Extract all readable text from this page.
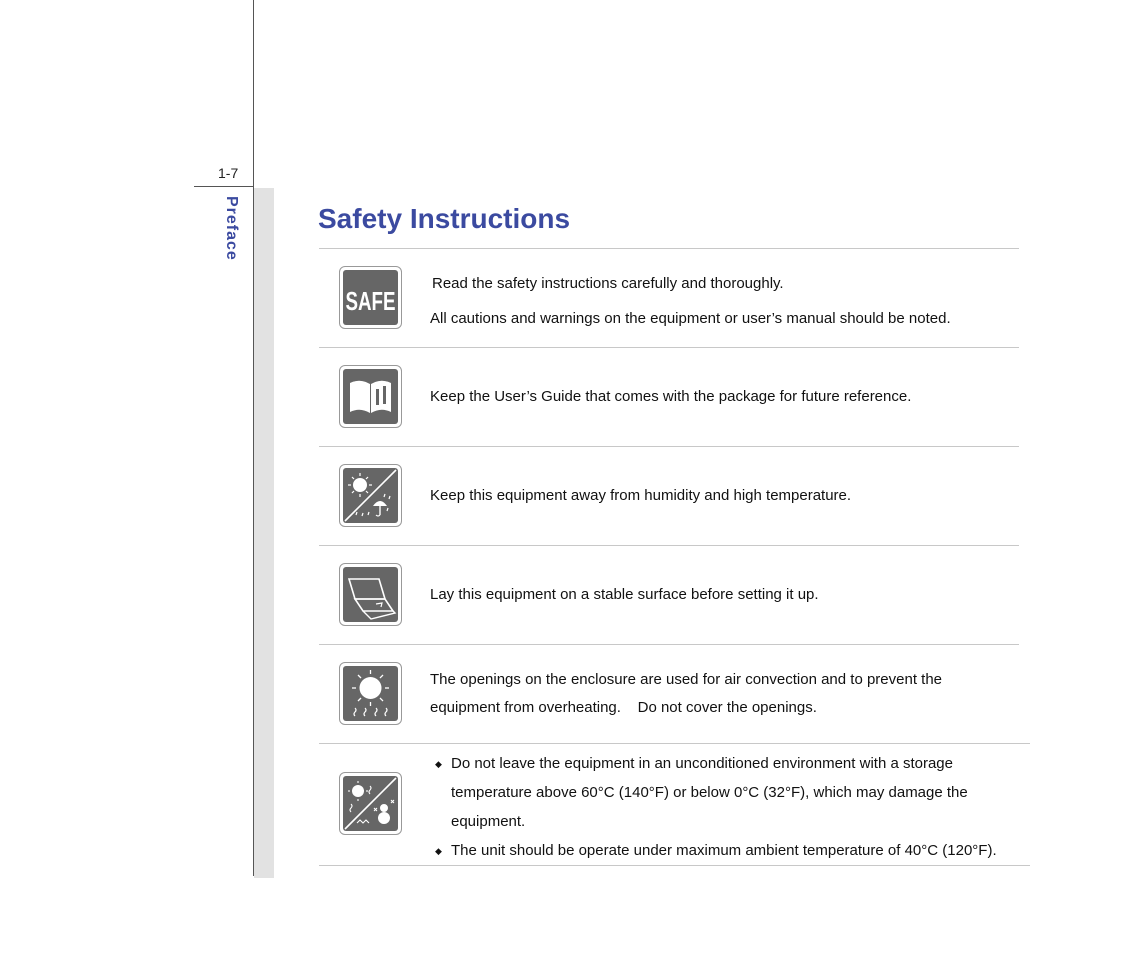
1-7
Preface	Safety Instructions
SAFE
Read the safety instructions carefully and thoroughly.
All cautions and warnings on the equipment or user’s manual should be noted.
Keep the User’s Guide that comes with the package for future reference.
Keep this equipment away from humidity and high temperature.
Lay this equipment on a stable surface before setting it up.
The openings on the enclosure are used for air convection and to prevent the
equipment from overheating.    Do not cover the openings.
◆ Do not leave the equipment in an unconditioned environment with a storage
temperature above 60°C (140°F) or below 0°C (32°F), which may damage the
equipment.
◆ The unit should be operate under maximum ambient temperature of 40°C (120°F).
